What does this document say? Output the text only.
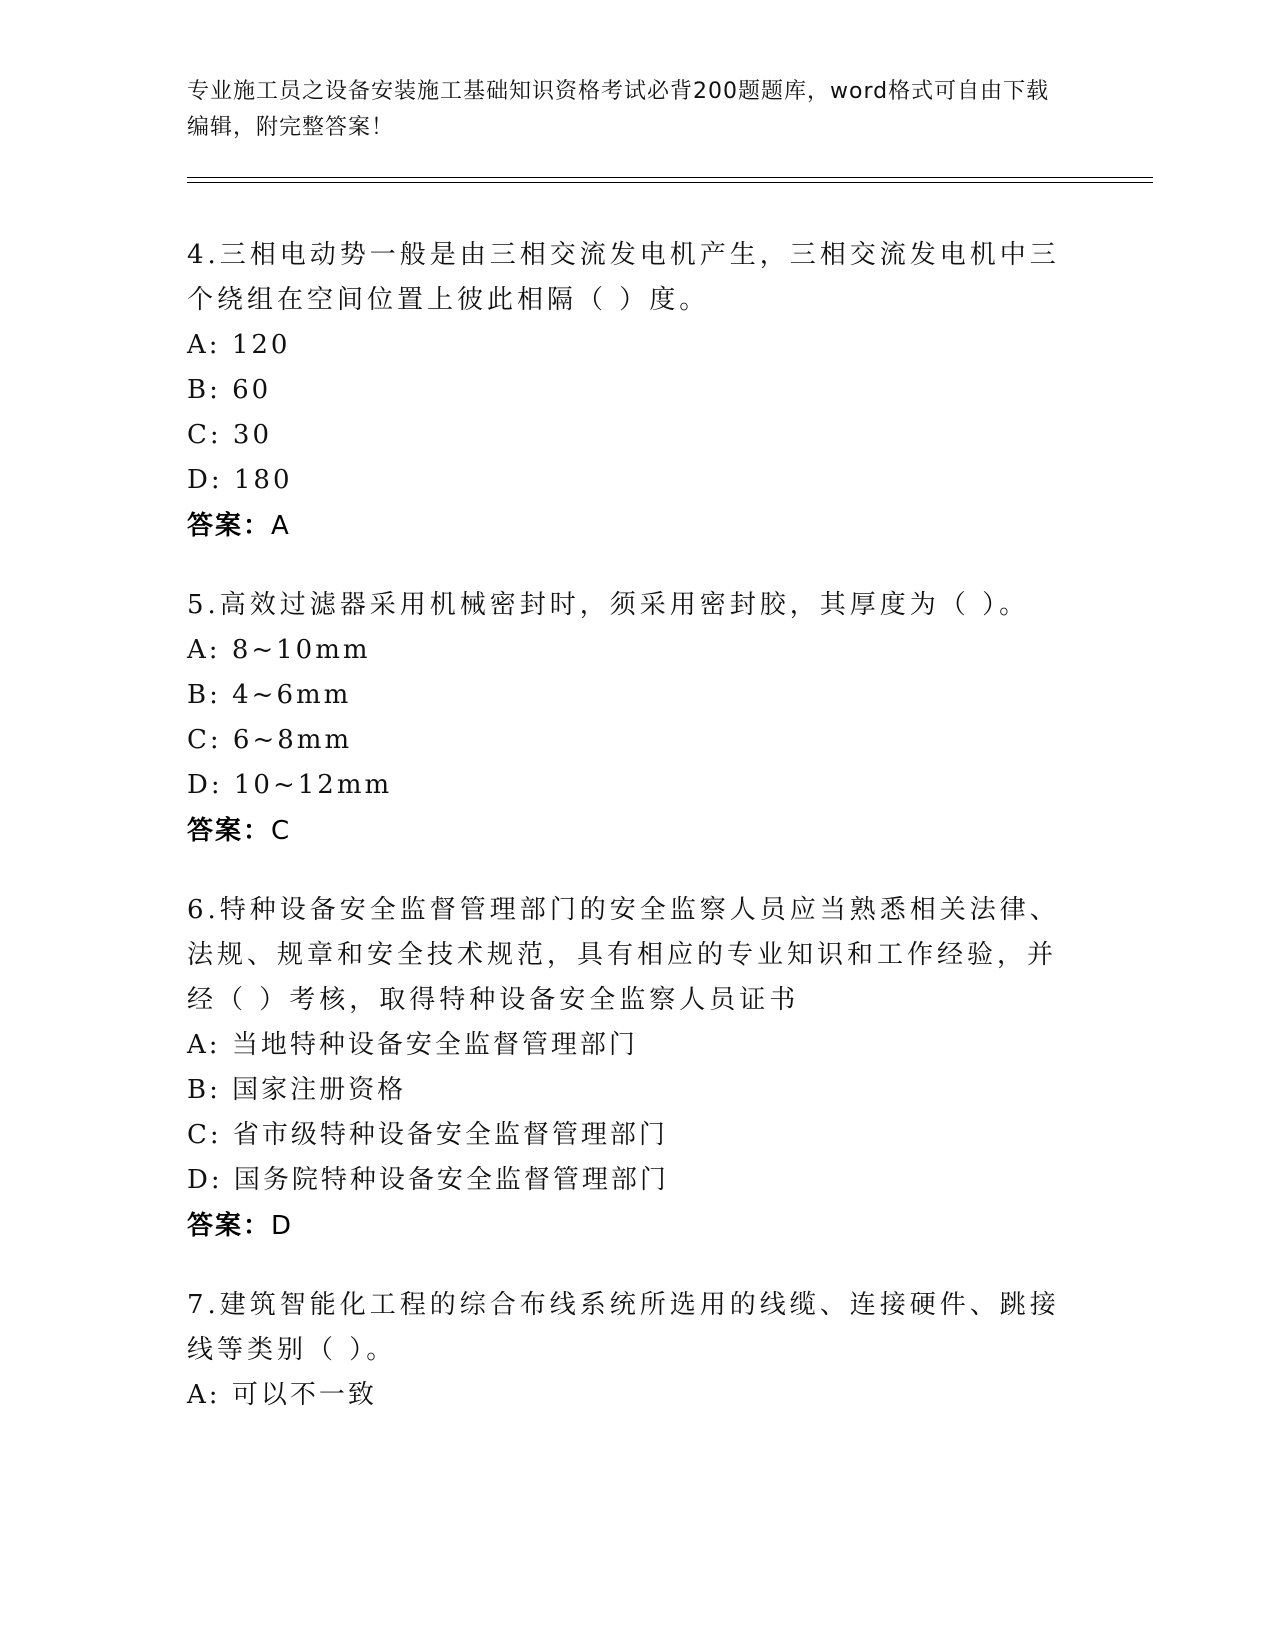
专业施工员之设备安装施工基础知识资格考试必背200题题库，word格式可自由下载编辑，附完整答案！
4.三相电动势一般是由三相交流发电机产生，三相交流发电机中三个绕组在空间位置上彼此相隔（ ）度。
A: 120
B: 60
C: 30
D: 180
答案：A
5.高效过滤器采用机械密封时，须采用密封胶，其厚度为（ ）。
A: 8~10mm
B: 4~6mm
C: 6~8mm
D: 10~12mm
答案：C
6.特种设备安全监督管理部门的安全监察人员应当熟悉相关法律、法规、规章和安全技术规范，具有相应的专业知识和工作经验，并经（ ）考核，取得特种设备安全监察人员证书
A: 当地特种设备安全监督管理部门
B: 国家注册资格
C: 省市级特种设备安全监督管理部门
D: 国务院特种设备安全监督管理部门
答案：D
7.建筑智能化工程的综合布线系统所选用的线缆、连接硬件、跳接线等类别（ ）。
A: 可以不一致
